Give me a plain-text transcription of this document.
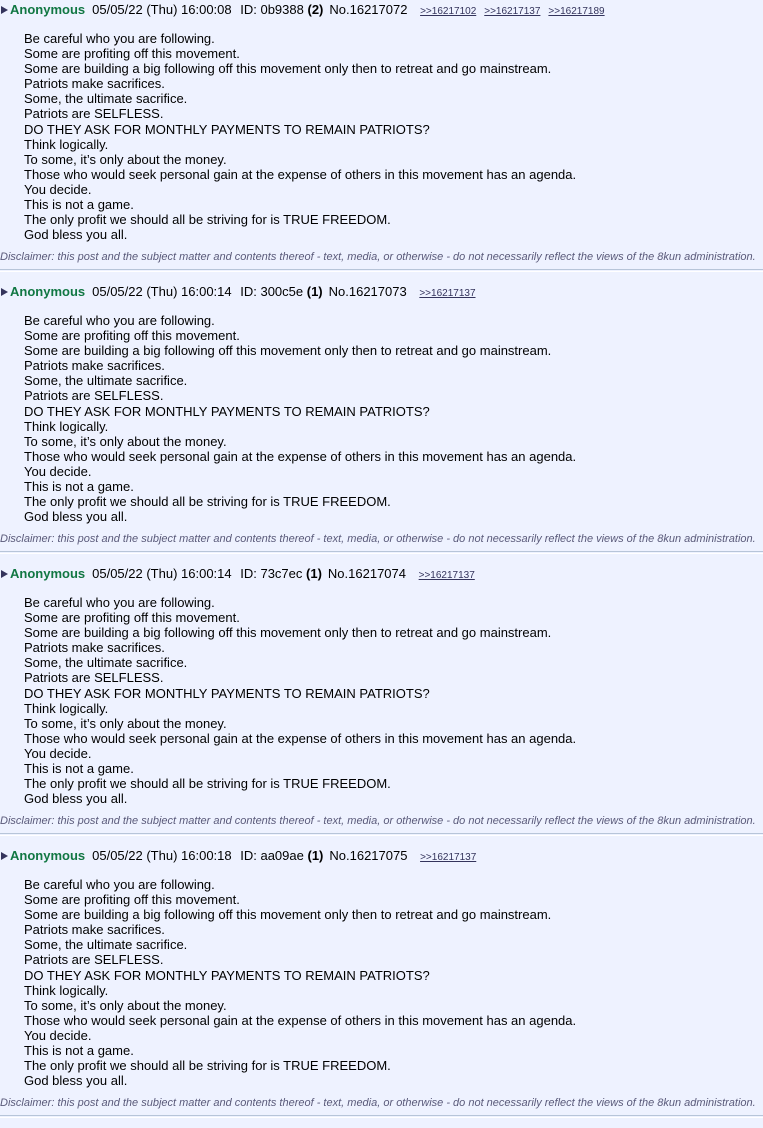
Anonymous 05/05/22 (Thu) 16:00:08 ID: 0b9388 (2) No.16217072 >>16217102 >>16217137 >>16217189
Be careful who you are following.
Some are profiting off this movement.
Some are building a big following off this movement only then to retreat and go mainstream.
Patriots make sacrifices.
Some, the ultimate sacrifice.
Patriots are SELFLESS.
DO THEY ASK FOR MONTHLY PAYMENTS TO REMAIN PATRIOTS?
Think logically.
To some, it’s only about the money.
Those who would seek personal gain at the expense of others in this movement has an agenda.
You decide.
This is not a game.
The only profit we should all be striving for is TRUE FREEDOM.
God bless you all.
Disclaimer: this post and the subject matter and contents thereof - text, media, or otherwise - do not necessarily reflect the views of the 8kun administration.
Anonymous 05/05/22 (Thu) 16:00:14 ID: 300c5e (1) No.16217073 >>16217137
Be careful who you are following.
Some are profiting off this movement.
Some are building a big following off this movement only then to retreat and go mainstream.
Patriots make sacrifices.
Some, the ultimate sacrifice.
Patriots are SELFLESS.
DO THEY ASK FOR MONTHLY PAYMENTS TO REMAIN PATRIOTS?
Think logically.
To some, it’s only about the money.
Those who would seek personal gain at the expense of others in this movement has an agenda.
You decide.
This is not a game.
The only profit we should all be striving for is TRUE FREEDOM.
God bless you all.
Disclaimer: this post and the subject matter and contents thereof - text, media, or otherwise - do not necessarily reflect the views of the 8kun administration.
Anonymous 05/05/22 (Thu) 16:00:14 ID: 73c7ec (1) No.16217074 >>16217137
Be careful who you are following.
Some are profiting off this movement.
Some are building a big following off this movement only then to retreat and go mainstream.
Patriots make sacrifices.
Some, the ultimate sacrifice.
Patriots are SELFLESS.
DO THEY ASK FOR MONTHLY PAYMENTS TO REMAIN PATRIOTS?
Think logically.
To some, it’s only about the money.
Those who would seek personal gain at the expense of others in this movement has an agenda.
You decide.
This is not a game.
The only profit we should all be striving for is TRUE FREEDOM.
God bless you all.
Disclaimer: this post and the subject matter and contents thereof - text, media, or otherwise - do not necessarily reflect the views of the 8kun administration.
Anonymous 05/05/22 (Thu) 16:00:18 ID: aa09ae (1) No.16217075 >>16217137
Be careful who you are following.
Some are profiting off this movement.
Some are building a big following off this movement only then to retreat and go mainstream.
Patriots make sacrifices.
Some, the ultimate sacrifice.
Patriots are SELFLESS.
DO THEY ASK FOR MONTHLY PAYMENTS TO REMAIN PATRIOTS?
Think logically.
To some, it’s only about the money.
Those who would seek personal gain at the expense of others in this movement has an agenda.
You decide.
This is not a game.
The only profit we should all be striving for is TRUE FREEDOM.
God bless you all.
Disclaimer: this post and the subject matter and contents thereof - text, media, or otherwise - do not necessarily reflect the views of the 8kun administration.
